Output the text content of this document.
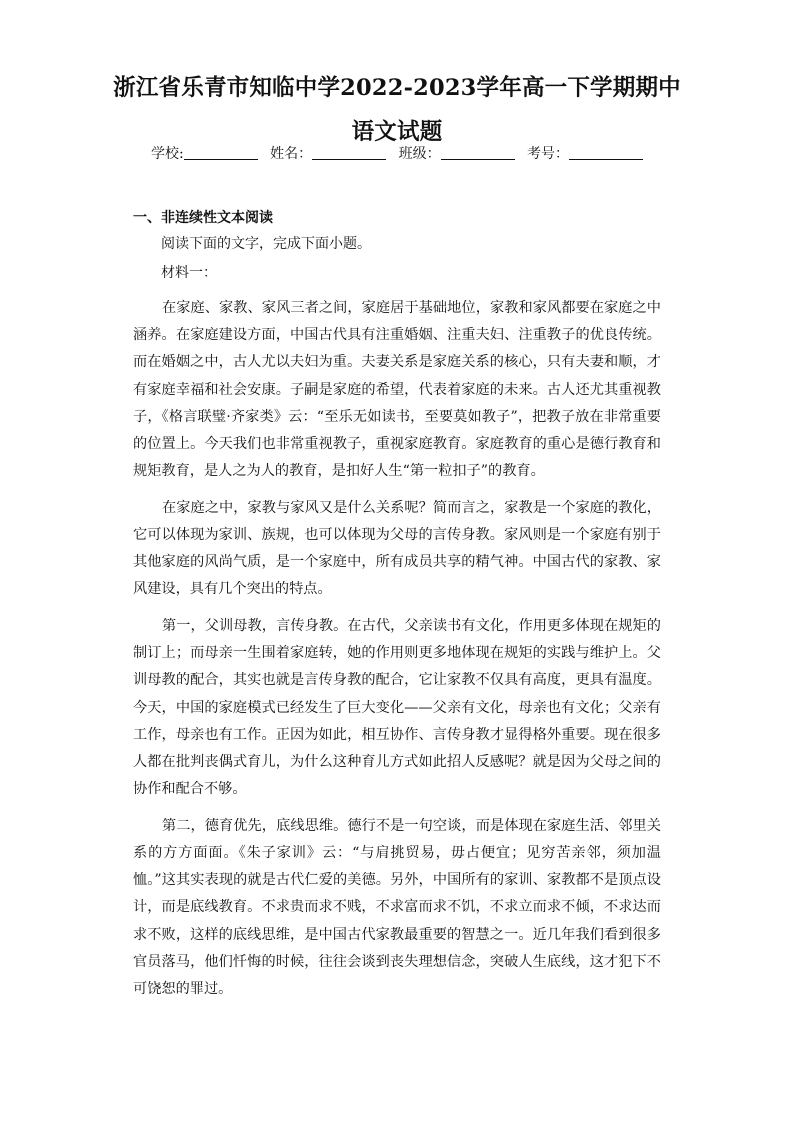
浙江省乐青市知临中学2022-2023学年高一下学期期中语文试题
学校:	姓名：	班级：	考号：
一、非连续性文本阅读
阅读下面的文字，完成下面小题。
材料一：

在家庭、家教、家风三者之间，家庭居于基础地位，家教和家风都要在家庭之中涵养。在家庭建设方面，中国古代具有注重婚姻、注重夫妇、注重教子的优良传统。而在婚姻之中，古人尤以夫妇为重。夫妻关系是家庭关系的核心，只有夫妻和顺，才有家庭幸福和社会安康。子嗣是家庭的希望，代表着家庭的未来。古人还尤其重视教子，《格言联璧·齐家类》云：“至乐无如读书，至要莫如教子”，把教子放在非常重要的位置上。今天我们也非常重视教子，重视家庭教育。家庭教育的重心是德行教育和规矩教育，是人之为人的教育，是扣好人生“第一粒扣子”的教育。

在家庭之中，家教与家风又是什么关系呢？简而言之，家教是一个家庭的教化，它可以体现为家训、族规，也可以体现为父母的言传身教。家风则是一个家庭有别于其他家庭的风尚气质，是一个家庭中，所有成员共享的精气神。中国古代的家教、家风建设，具有几个突出的特点。

第一，父训母教，言传身教。在古代，父亲读书有文化，作用更多体现在规矩的制订上；而母亲一生围着家庭转，她的作用则更多地体现在规矩的实践与维护上。父训母教的配合，其实也就是言传身教的配合，它让家教不仅具有高度，更具有温度。今天，中国的家庭模式已经发生了巨大变化——父亲有文化，母亲也有文化；父亲有工作，母亲也有工作。正因为如此，相互协作、言传身教才显得格外重要。现在很多人都在批判丧偶式育儿，为什么这种育儿方式如此招人反感呢？就是因为父母之间的协作和配合不够。

第二，德育优先，底线思维。德行不是一句空谈，而是体现在家庭生活、邻里关系的方方面面。《朱子家训》云：“与肩挑贸易，毋占便宜；见穷苦亲邻，须加温恤。”这其实表现的就是古代仁爱的美德。另外，中国所有的家训、家教都不是顶点设计，而是底线教育。不求贵而求不贱，不求富而求不饥，不求立而求不倾，不求达而求不败，这样的底线思维，是中国古代家教最重要的智慧之一。近几年我们看到很多官员落马，他们忏悔的时候，往往会谈到丧失理想信念，突破人生底线，这才犯下不可饶恕的罪过。
